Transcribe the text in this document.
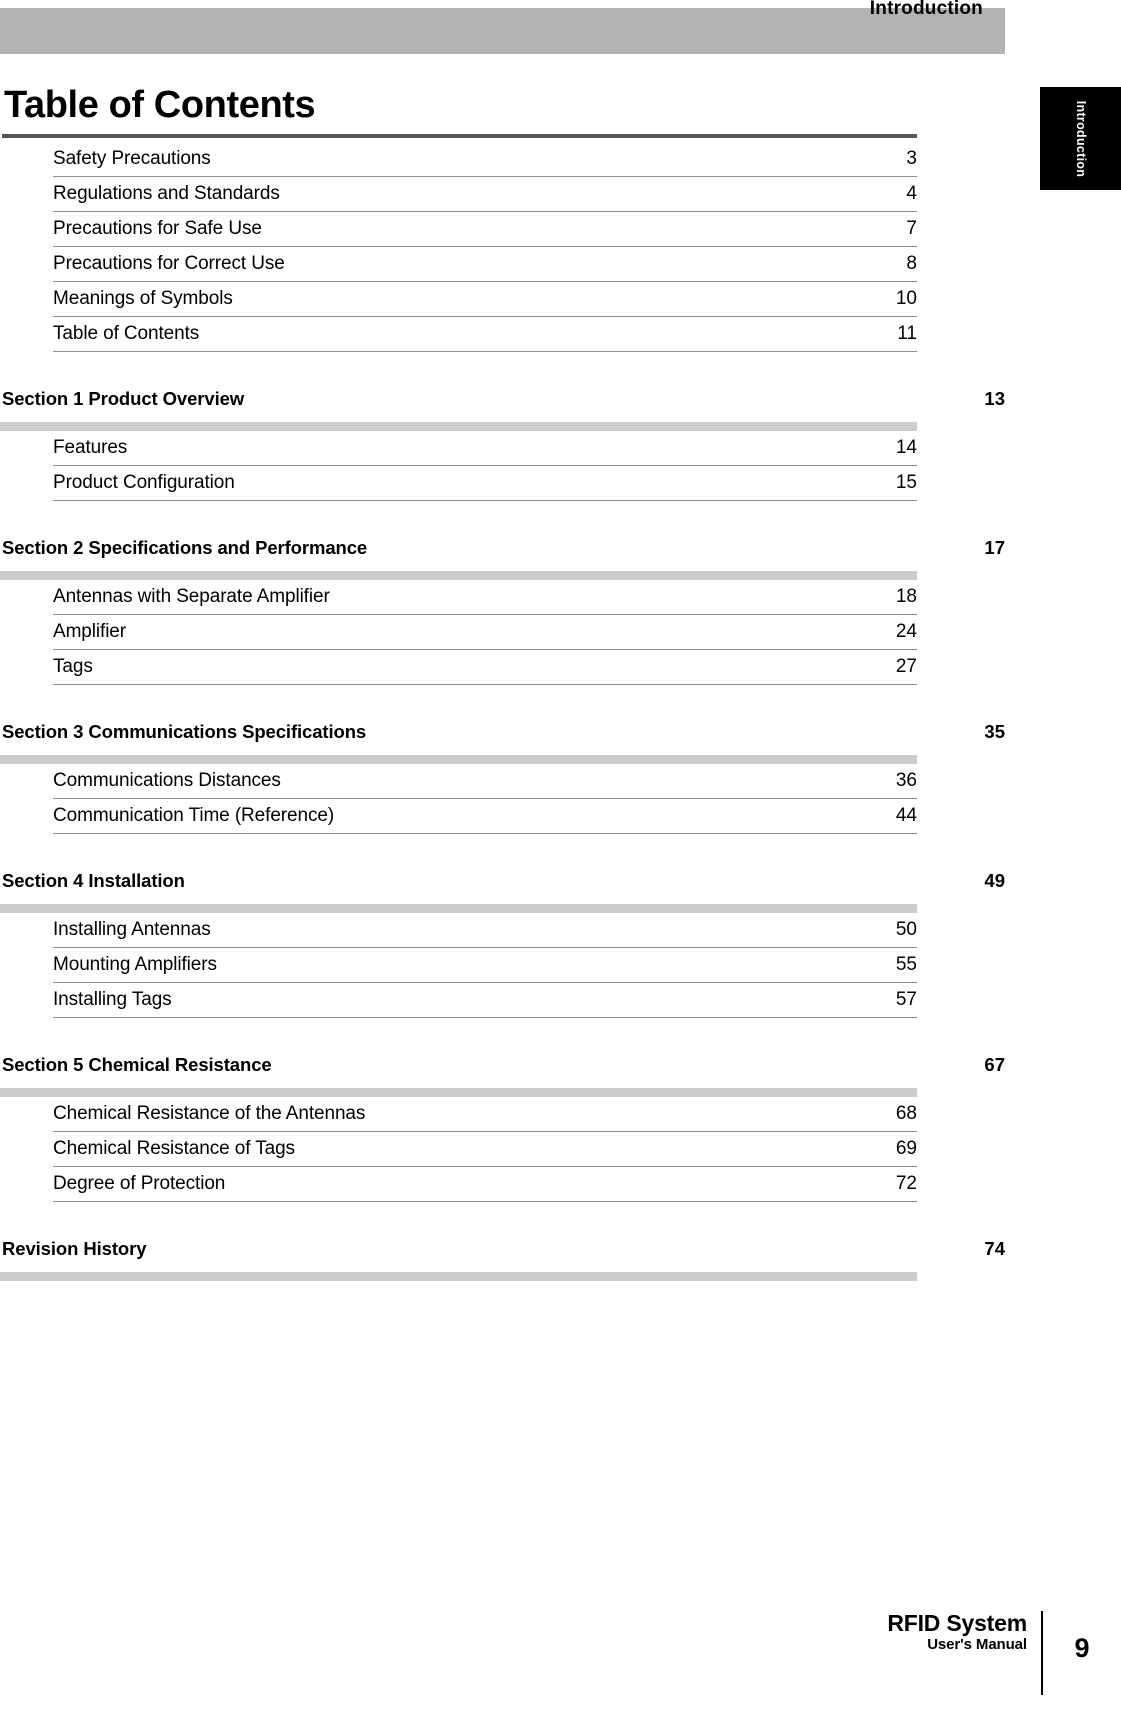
Introduction
Introduction
Table of Contents
Safety Precautions	3
Regulations and Standards	4
Precautions for Safe Use	7
Precautions for Correct Use	8
Meanings of Symbols	10
Table of Contents	11
Section 1 Product Overview	13
Features	14
Product Configuration	15
Section 2 Specifications and Performance	17
Antennas with Separate Amplifier	18
Amplifier	24
Tags	27
Section 3 Communications Specifications	35
Communications Distances	36
Communication Time (Reference)	44
Section 4 Installation	49
Installing Antennas	50
Mounting Amplifiers	55
Installing Tags	57
Section 5 Chemical Resistance	67
Chemical Resistance of the Antennas	68
Chemical Resistance of Tags	69
Degree of Protection	72
Revision History	74
RFID System
User's Manual	9
